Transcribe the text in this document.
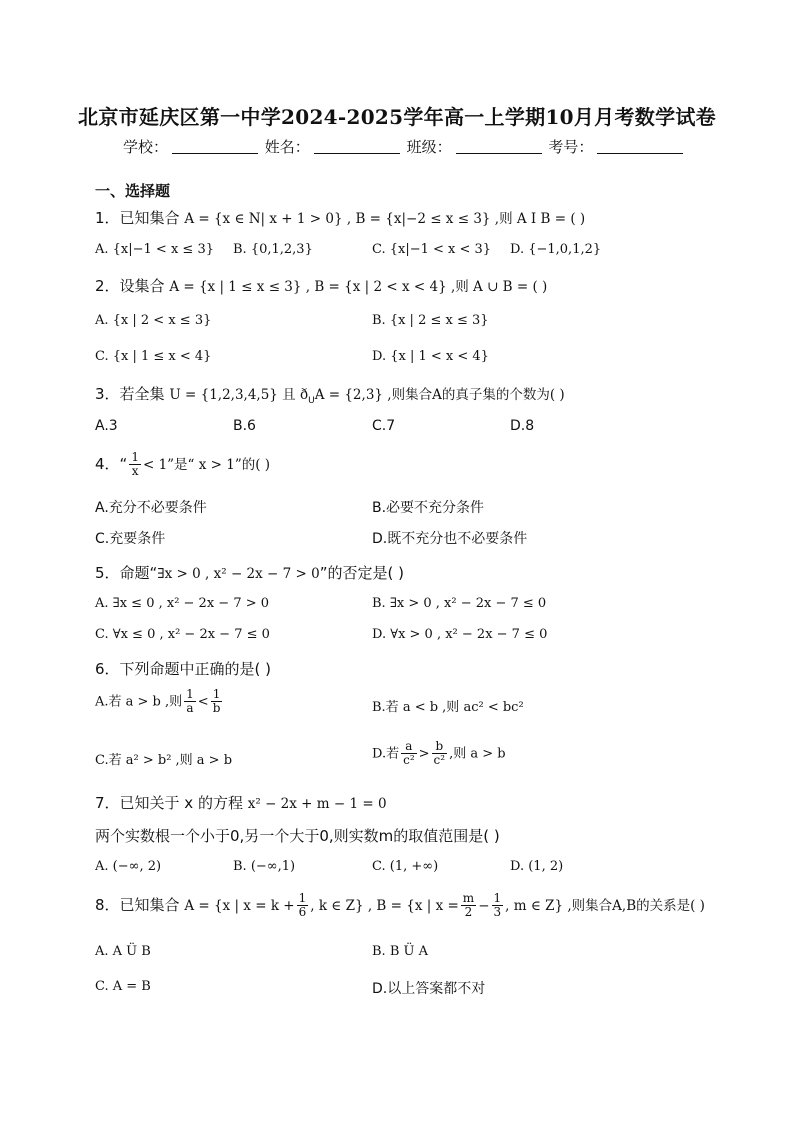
北京市延庆区第一中学2024-2025学年高一上学期10月月考数学试卷
学校：	姓名：	班级：	考号：
一、选择题
1．已知集合 A = {x ∈ N| x + 1 > 0} , B = {x|−2 ≤ x ≤ 3} ,则 A I B = ( )
A. {x|−1 < x ≤ 3} B. {0,1,2,3}	C. {x|−1 < x < 3} D. {−1,0,1,2}
2．设集合 A = {x | 1 ≤ x ≤ 3} , B = {x | 2 < x < 4} ,则 A ∪ B = ( )
A. {x | 2 < x ≤ 3}	B. {x | 2 ≤ x ≤ 3}
C. {x | 1 ≤ x < 4}	D. {x | 1 < x < 4}
3．若全集 U = {1,2,3,4,5} 且 $ð_UA = \{2,3\}$ ,则集合A的真子集的个数为( )
A.3	B.6	C.7	D.8
4．“ $\frac{1}{x} < 1$”是“ x > 1”的( )
A.充分不必要条件	B.必要不充分条件
C.充要条件	D.既不充分也不必要条件
5．命题“∃x > 0 , x² − 2x − 7 > 0”的否定是( )
A. ∃x ≤ 0 , x² − 2x − 7 > 0	B. ∃x > 0 , x² − 2x − 7 ≤ 0
C. ∀x ≤ 0 , x² − 2x − 7 ≤ 0	D. ∀x > 0 , x² − 2x − 7 ≤ 0
6．下列命题中正确的是( )
A.若 a > b ,则 $\frac{1}{a} < \frac{1}{b}$	B.若 a < b ,则 ac² < bc²
C.若 a² > b² ,则 a > b	D.若 $\frac{a}{\text{c²}} > \frac{b}{\text{c²}}$ ,则 a > b
7．已知关于 x 的方程 x² − 2x + m − 1 = 0
两个实数根一个小于0,另一个大于0,则实数m的取值范围是( )
A. (−∞, 2)	B. (−∞,1)	C. (1, +∞)	D. (1, 2)
8．已知集合 A = {x | $x = k + \frac{1}{6}$ , k ∈ Z} , B = {x | $x = \frac{m}{2} - \frac{1}{3}$ , m ∈ Z} ,则集合A,B的关系是( )
A. A Ü B	B. B Ü A
C. A = B	D.以上答案都不对
